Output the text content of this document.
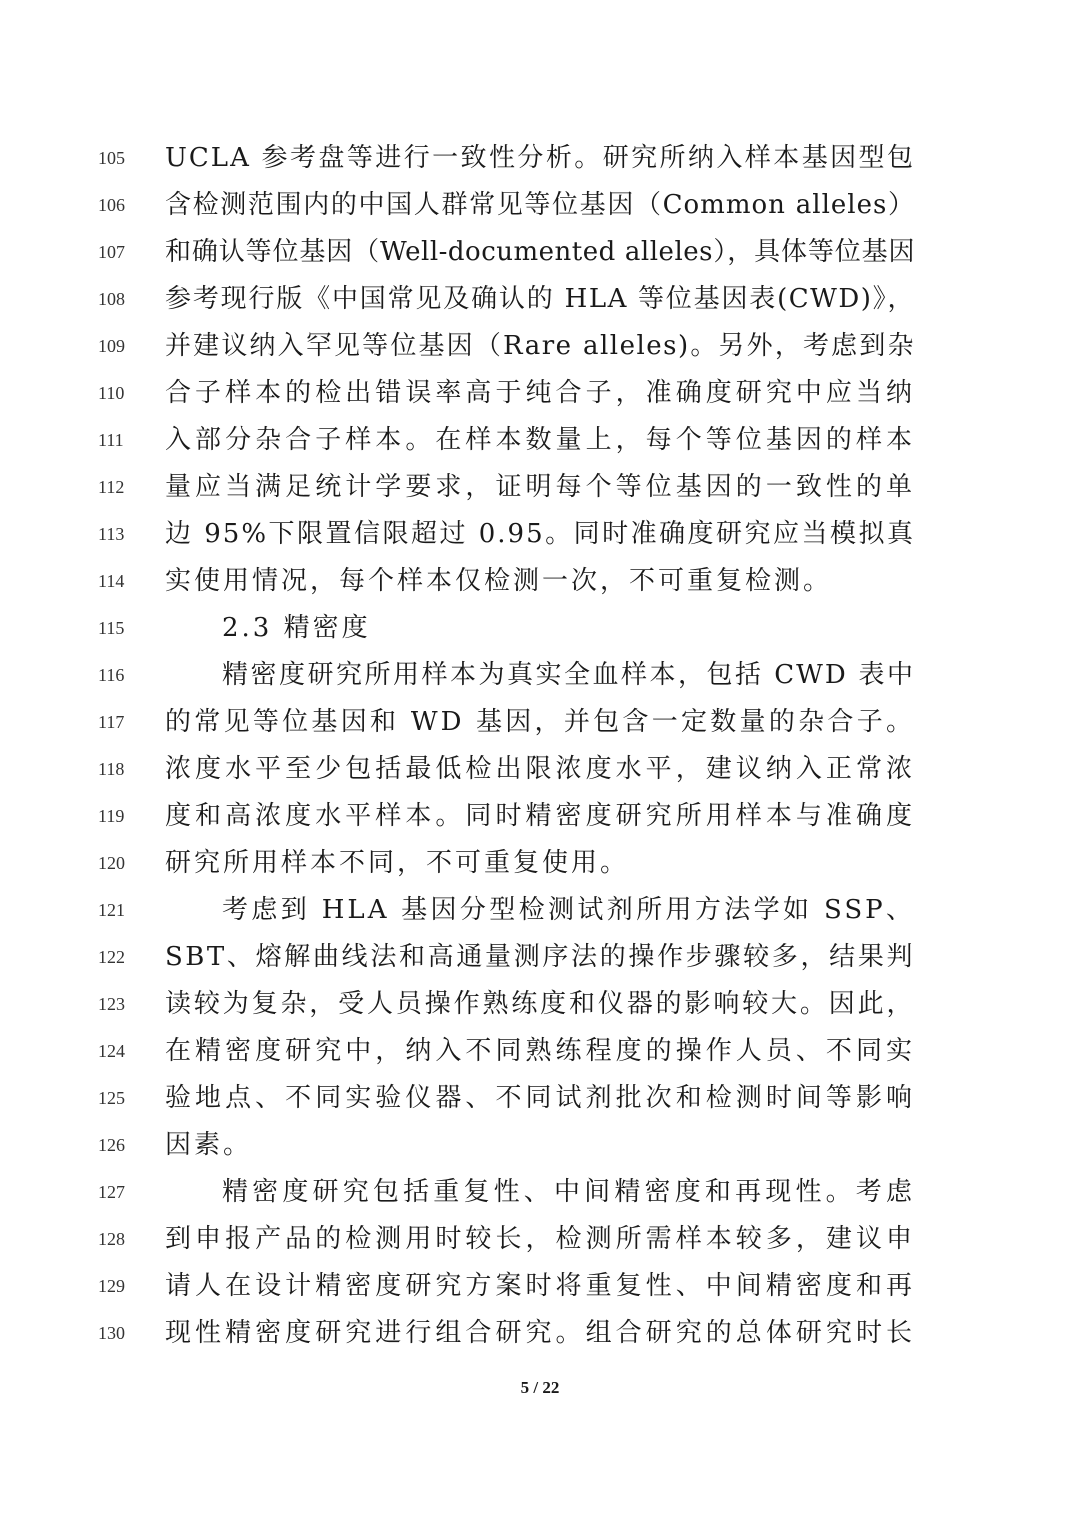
105	UCLA 参考盘等进行一致性分析。研究所纳入样本基因型包
106	含检测范围内的中国人群常见等位基因（Common alleles）
107	和确认等位基因（Well-documented alleles），具体等位基因
108	参考现行版《中国常见及确认的 HLA 等位基因表(CWD)》，
109	并建议纳入罕见等位基因（Rare alleles)。另外，考虑到杂
110	合子样本的检出错误率高于纯合子，准确度研究中应当纳
111	入部分杂合子样本。在样本数量上，每个等位基因的样本
112	量应当满足统计学要求，证明每个等位基因的一致性的单
113	边 95%下限置信限超过 0.95。同时准确度研究应当模拟真
114	实使用情况，每个样本仅检测一次，不可重复检测。
115	2.3 精密度
116	精密度研究所用样本为真实全血样本，包括 CWD 表中
117	的常见等位基因和 WD 基因，并包含一定数量的杂合子。
118	浓度水平至少包括最低检出限浓度水平，建议纳入正常浓
119	度和高浓度水平样本。同时精密度研究所用样本与准确度
120	研究所用样本不同，不可重复使用。
121	考虑到 HLA 基因分型检测试剂所用方法学如 SSP、
122	SBT、熔解曲线法和高通量测序法的操作步骤较多，结果判
123	读较为复杂，受人员操作熟练度和仪器的影响较大。因此，
124	在精密度研究中，纳入不同熟练程度的操作人员、不同实
125	验地点、不同实验仪器、不同试剂批次和检测时间等影响
126	因素。
127	精密度研究包括重复性、中间精密度和再现性。考虑
128	到申报产品的检测用时较长，检测所需样本较多，建议申
129	请人在设计精密度研究方案时将重复性、中间精密度和再
130	现性精密度研究进行组合研究。组合研究的总体研究时长
5 / 22
